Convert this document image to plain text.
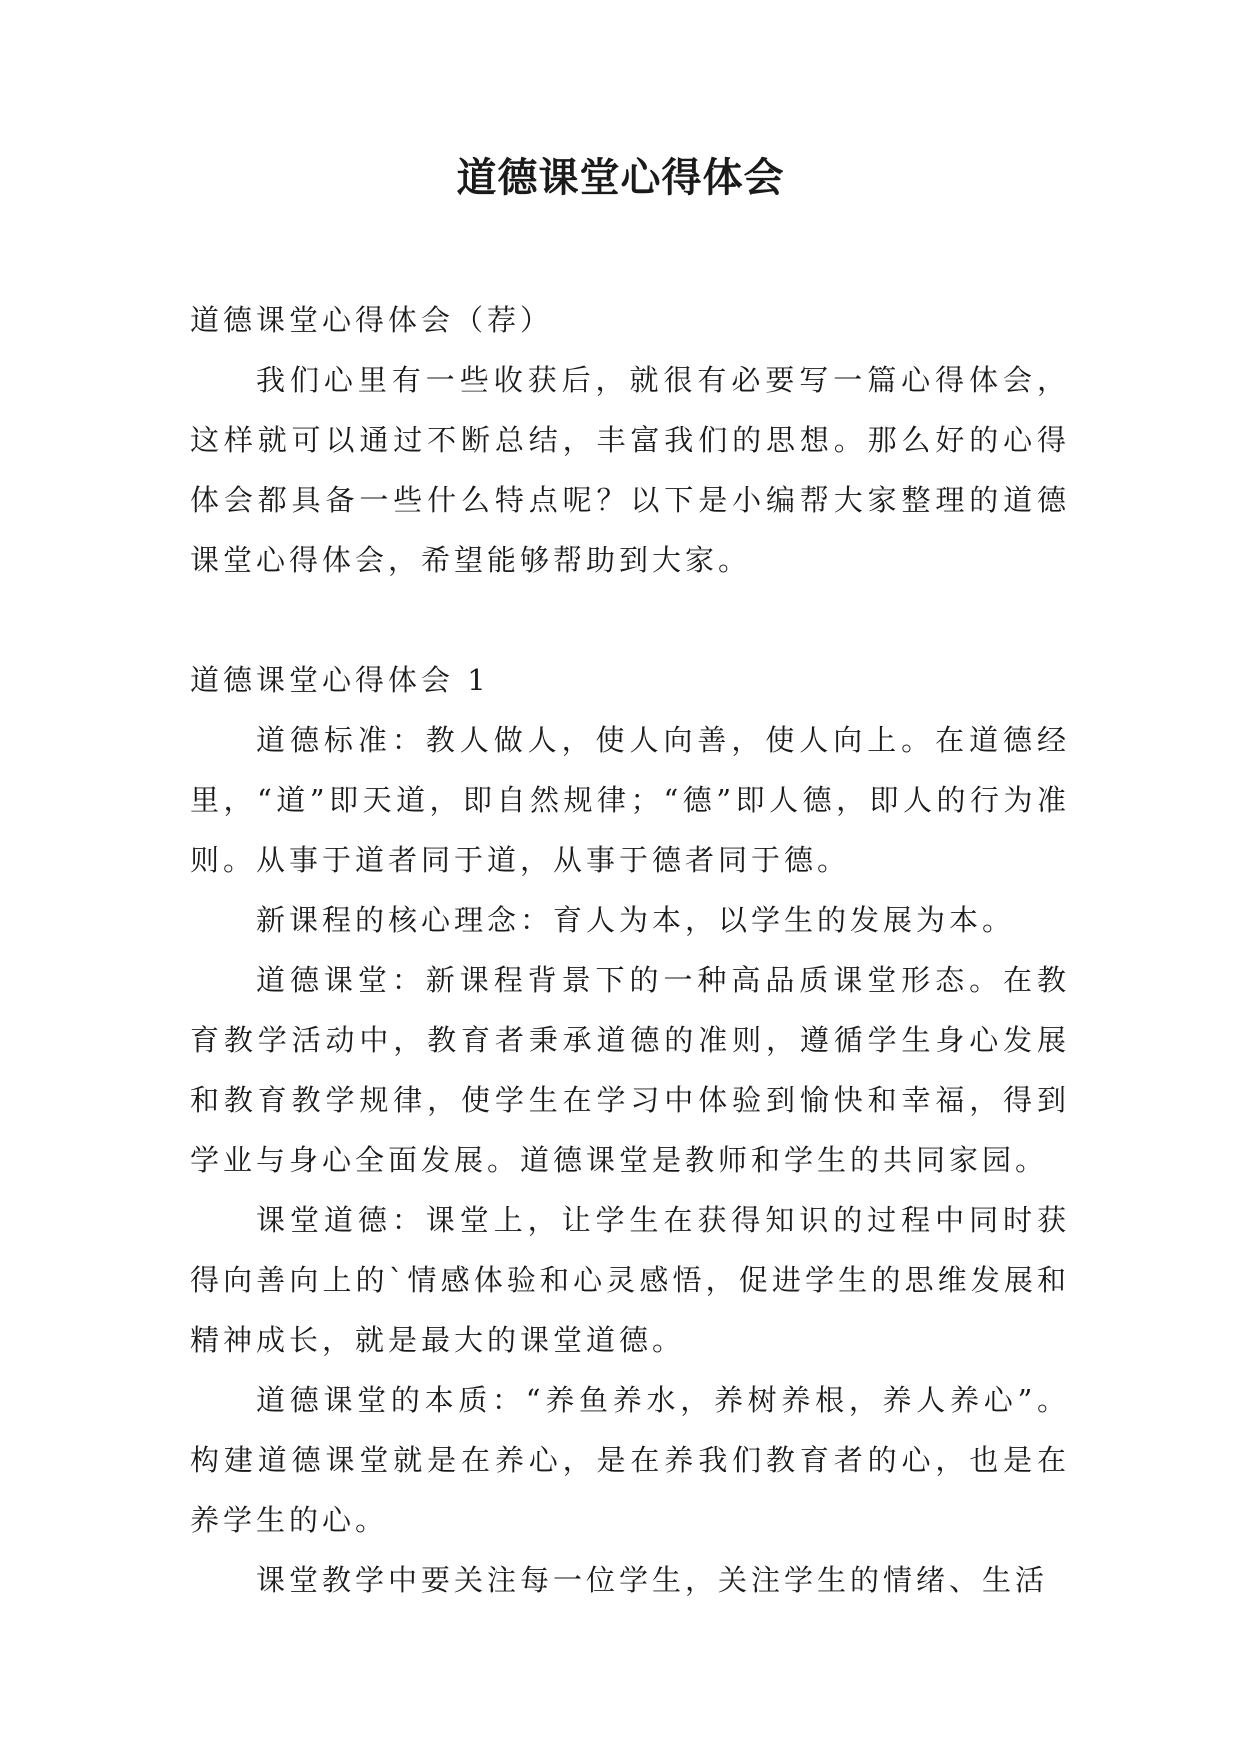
道德课堂心得体会

道德课堂心得体会（荐）

我们心里有一些收获后，就很有必要写一篇心得体会，这样就可以通过不断总结，丰富我们的思想。那么好的心得体会都具备一些什么特点呢？以下是小编帮大家整理的道德课堂心得体会，希望能够帮助到大家。

道德课堂心得体会 1

道德标准：教人做人，使人向善，使人向上。在道德经里，“道”即天道，即自然规律；“德”即人德，即人的行为准则。从事于道者同于道，从事于德者同于德。

新课程的核心理念：育人为本，以学生的发展为本。

道德课堂：新课程背景下的一种高品质课堂形态。在教育教学活动中，教育者秉承道德的准则，遵循学生身心发展和教育教学规律，使学生在学习中体验到愉快和幸福，得到学业与身心全面发展。道德课堂是教师和学生的共同家园。

课堂道德：课堂上，让学生在获得知识的过程中同时获得向善向上的`情感体验和心灵感悟，促进学生的思维发展和精神成长，就是最大的课堂道德。

道德课堂的本质：“养鱼养水，养树养根，养人养心”。构建道德课堂就是在养心，是在养我们教育者的心，也是在养学生的心。

课堂教学中要关注每一位学生，关注学生的情绪、生活
